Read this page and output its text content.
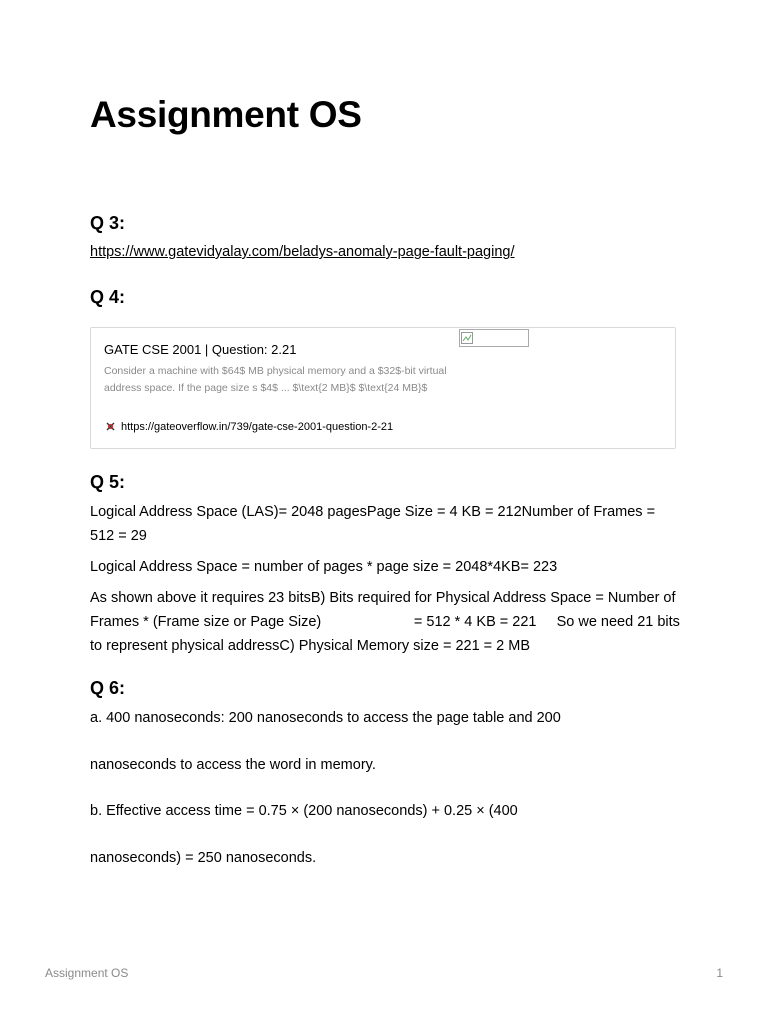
Assignment OS
Q 3:
https://www.gatevidyalay.com/beladys-anomaly-page-fault-paging/
Q 4:
GATE CSE 2001 | Question: 2.21
Consider a machine with $64$ MB physical memory and a $32$-bit virtual address space. If the page size s $4$ ... $\text{2 MB}$ $\text{24 MB}$
https://gateoverflow.in/739/gate-cse-2001-question-2-21
Q 5:

Logical Address Space (LAS)= 2048 pagesPage Size = 4 KB = 212Number of Frames = 512 = 29

Logical Address Space = number of pages * page size = 2048*4KB= 223

As shown above it requires 23 bitsB) Bits required for Physical Address Space = Number of Frames * (Frame size or Page Size)                       = 512 * 4 KB = 221     So we need 21 bits to represent physical addressC) Physical Memory size = 221 = 2 MB

Q 6:

a. 400 nanoseconds: 200 nanoseconds to access the page table and 200

nanoseconds to access the word in memory.

b. Effective access time = 0.75 × (200 nanoseconds) + 0.25 × (400

nanoseconds) = 250 nanoseconds.

Assignment OS	1
